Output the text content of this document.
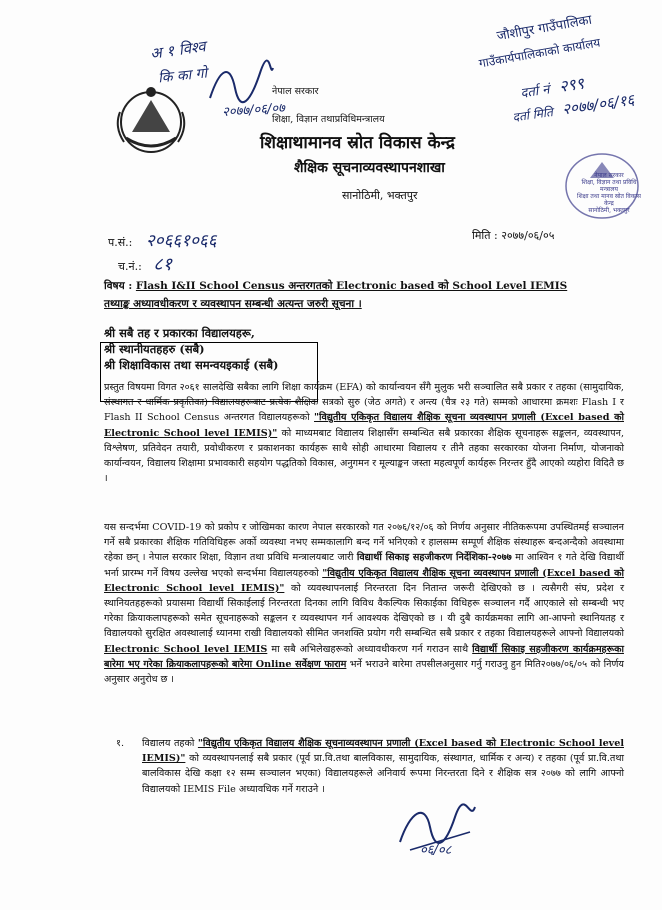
अ १ विश्व
कि का गो
२०७७/०६/०७
जौशीपुर गाउँपालिका
गाउँकार्यपालिकाको कार्यालय
दर्ता नं २९९
दर्ता मिति २०७७/०६/१६
नेपाल सरकार
शिक्षा, विज्ञान तथाप्रविधिमन्त्रालय
शिक्षाथामानव स्रोत विकास केन्द्र
शैक्षिक सूचनाव्यवस्थापनशाखा
सानोठिमी, भक्तपुर
नेपाल सरकार
शिक्षा, विज्ञान तथा प्रविधि मन्त्रालय
शिक्षा तथा मानव स्रोत विकास केन्द्र
सानोठिमी, भक्तपुर
प.सं.: २०६६१०६६
च.नं.: ८१
मिति : २०७७/०६/०५
विषय : Flash I&II School Census अन्तरगतको Electronic based को School Level IEMIS
तथ्याङ्क अध्यावधीकरण र व्यवस्थापन सम्बन्धी अत्यन्त जरुरी सूचना ।
श्री सबै तह र प्रकारका विद्यालयहरू,
श्री स्थानीयतहहरु (सबै)
श्री शिक्षाविकास तथा समन्वयइकाई (सबै)
प्रस्तुत विषयमा विगत २०६१ सालदेखि सबैका लागि शिक्षा कार्यक्रम (EFA) को कार्यान्वयन सँगै मुलुक भरी सञ्चालित सबै प्रकार र तहका (सामुदायिक, संस्थागत र धार्मिक प्रकृतिका) विद्यालयहरूबाट प्रत्येक शैक्षिक सत्रको सुरु (जेठ अगते) र अन्त्य (चैत्र २३ गते) सम्मको आधारमा क्रमशः Flash I र Flash II School Census अन्तरगत विद्यालयहरूको "विद्युतीय एकिकृत विद्यालय शैक्षिक सूचना व्यवस्थापन प्रणाली (Excel based को Electronic School level IEMIS)" को माध्यमबाट विद्यालय शिक्षासँग सम्बन्धित सबै प्रकारका शैक्षिक सूचनाहरू सङ्कलन, व्यवस्थापन, विश्लेषण, प्रतिवेदन तयारी, प्रवोधीकरण र प्रकाशनका कार्यहरू साथै सोही आधारमा विद्यालय र तीनै तहका सरकारका योजना निर्माण, योजनाको कार्यान्वयन, विद्यालय शिक्षामा प्रभावकारी सहयोग पद्धतिको विकास, अनुगमन र मूल्याङ्कन जस्ता महत्वपूर्ण कार्यहरू निरन्तर हुँदै आएको व्यहोरा विदितै छ ।
यस सन्दर्भमा COVID-19 को प्रकोप र जोखिमका कारण नेपाल सरकारको गत २०७६/१२/०६ को निर्णय अनुसार नीतिकरूपमा उपस्थितमई सञ्चालन गर्ने सबै प्रकारका शैक्षिक गतिविधिहरू अर्को व्यवस्था नभए सम्मकालागि बन्द गर्ने भनिएको र हालसम्म सम्पूर्ण शैक्षिक संस्थाहरू बन्दअन्दैको अवस्थामा रहेका छन् । नेपाल सरकार शिक्षा, विज्ञान तथा प्रविधि मन्त्रालयबाट जारी विद्यार्थी सिकाइ सहजीकरण निर्देशिका-२०७७ मा आश्विन १ गते देखि विद्यार्थी भर्ना प्रारम्भ गर्ने विषय उल्लेख भएको सन्दर्भमा विद्यालयहरुको "विद्युतीय एकिकृत विद्यालय शैक्षिक सूचना व्यवस्थापन प्रणाली (Excel based को Electronic School level IEMIS)" को व्यवस्थापनलाई निरन्तरता दिन नितान्त जरूरी देखिएको छ । त्यसैगरी संघ, प्रदेश र स्थानियतहहरूको प्रयासमा विद्यार्थी सिकाईलाई निरन्तरता दिनका लागि विविध वैकल्पिक सिकाईका विधिहरू सञ्चालन गर्दै आएकाले सो सम्बन्धी भए गरेका क्रियाकलापहरूको समेत सूचनाहरूको सङ्कलन र व्यवस्थापन गर्न आवश्यक देखिएको छ । यी दुबै कार्यक्रमका लागि आ-आफ्नो स्थानियतह र विद्यालयको सुरक्षित अवस्थालाई ध्यानमा राखी विद्यालयको सीमित जनशक्ति प्रयोग गरी सम्बन्धित सबै प्रकार र तहका विद्यालयहरूले आफ्नो विद्यालयको Electronic School level IEMIS मा सबै अभिलेखहरूको अध्यावधीकरण गर्न गराउन साथै विद्यार्थी सिकाइ सहजीकरण कार्यक्रमहरूका बारेमा भए गरेका क्रियाकलापहरूको बारेमा Online सर्वेक्षण फाराम भर्ने भराउने बारेमा तपसीलअनुसार गर्नु गराउनु हुन मिति२०७७/०६/०५ को निर्णय अनुसार अनुरोध छ ।
१. विद्यालय तहको "विद्युतीय एकिकृत विद्यालय शैक्षिक सूचनाव्यवस्थापन प्रणाली (Excel based को Electronic School level IEMIS)" को व्यवस्थापनलाई सबै प्रकार (पूर्व प्रा.वि.तथा बालविकास, सामुदायिक, संस्थागत, धार्मिक र अन्य) र तहका (पूर्व प्रा.वि.तथा बालविकास देखि कक्षा १२ सम्म सञ्चालन भएका) विद्यालयहरूले अनिवार्य रूपमा निरन्तरता दिने र शैक्षिक सत्र २०७७ को लागि आफ्नो विद्यालयको IEMIS File अध्यावधिक गर्ने गराउने ।
०६/०८
